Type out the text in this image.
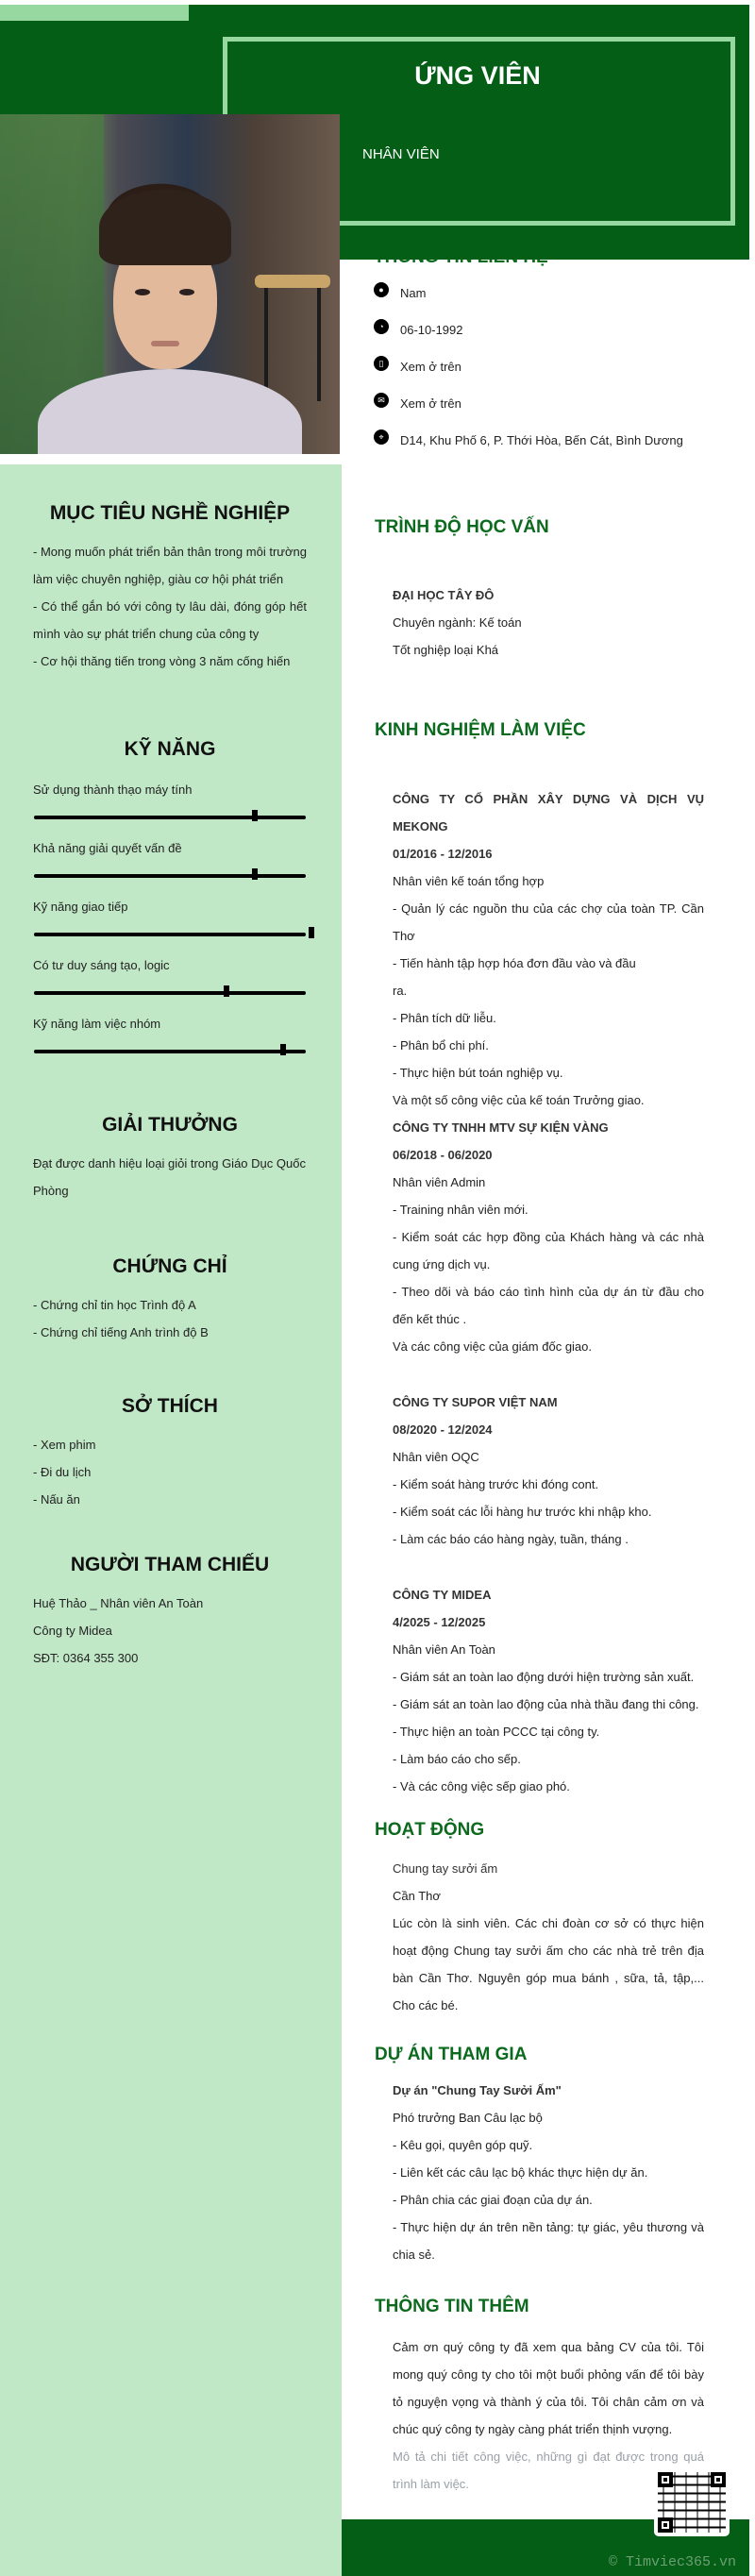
ỨNG VIÊN
NHÂN VIÊN
●	Nam
◔	06-10-1992
▯	Xem ở trên
✉	Xem ở trên
⌖	D14, Khu Phố 6, P. Thới Hòa, Bến Cát, Bình Dương
MỤC TIÊU NGHỀ NGHIỆP
- Mong muốn phát triển bản thân trong môi trường làm việc chuyên nghiệp, giàu cơ hội phát triển
- Có thể gắn bó với công ty lâu dài, đóng góp hết mình vào sự phát triển chung của công ty
- Cơ hội thăng tiến trong vòng 3 năm cống hiến
KỸ NĂNG
Sử dụng thành thạo máy tính
Khả năng giải quyết vấn đề
Kỹ năng giao tiếp
Có tư duy sáng tạo, logic
Kỹ năng làm việc nhóm
GIẢI THƯỞNG
Đạt được danh hiệu loại giỏi trong Giáo Dục Quốc Phòng
CHỨNG CHỈ
- Chứng chỉ tin học Trình độ A
- Chứng chỉ tiếng Anh trình độ B
SỞ THÍCH
- Xem phim
- Đi du lịch
- Nấu ăn
NGƯỜI THAM CHIẾU
Huệ Thảo _ Nhân viên An Toàn
Công ty Midea
SĐT: 0364 355 300
TRÌNH ĐỘ HỌC VẤN
ĐẠI HỌC TÂY ĐÔ
Chuyên ngành: Kế toán
Tốt nghiệp loại Khá
KINH NGHIỆM LÀM VIỆC
CÔNG TY CỔ PHẦN XÂY DỰNG VÀ DỊCH VỤ MEKONG
01/2016 - 12/2016
Nhân viên kế toán tổng hợp
- Quản lý các nguồn thu của các chợ của toàn TP. Cần Thơ
- Tiến hành tập hợp hóa đơn đầu vào và đầu
ra.
- Phân tích dữ liễu.
- Phân bổ chi phí.
- Thực hiện bút toán nghiệp vụ.
Và một số công việc của kế toán Trưởng giao.
CÔNG TY TNHH MTV SỰ KIỆN VÀNG
06/2018 - 06/2020
Nhân viên Admin
- Training nhân viên mới.
- Kiểm soát các hợp đồng của Khách hàng và các nhà cung ứng dịch vụ.
- Theo dõi và báo cáo tình hình của dự án từ đầu cho đến kết thúc .
Và các công việc của giám đốc giao.
CÔNG TY SUPOR VIỆT NAM
08/2020 - 12/2024
Nhân viên OQC
- Kiểm soát hàng trước khi đóng cont.
- Kiểm soát các lỗi hàng hư trước khi nhập kho.
- Làm các báo cáo hàng ngày, tuần, tháng .
CÔNG TY MIDEA
4/2025 - 12/2025
Nhân viên An Toàn
- Giám sát an toàn lao động dưới hiện trường sản xuất.
- Giám sát an toàn lao động của nhà thầu đang thi công.
- Thực hiện an toàn PCCC tại công ty.
- Làm báo cáo cho sếp.
- Và các công việc sếp giao phó.
HOẠT ĐỘNG
Chung tay sưởi ấm
Cần Thơ
Lúc còn là sinh viên. Các chi đoàn cơ sở có thực hiện hoạt động Chung tay sưởi ấm cho các nhà trẻ trên địa bàn Cần Thơ. Nguyên góp mua bánh , sữa, tả, tập,... Cho các bé.
DỰ ÁN THAM GIA
Dự án "Chung Tay Sưởi Ấm"
Phó trưởng Ban Câu lạc bộ
- Kêu gọi, quyên góp quỹ.
- Liên kết các câu lạc bộ khác thực hiện dự ăn.
- Phân chia các giai đoạn của dự án.
- Thực hiện dự án trên nền tảng: tự giác, yêu thương và chia sẻ.
THÔNG TIN THÊM
Cảm ơn quý công ty đã xem qua bảng CV của tôi. Tôi mong quý công ty cho tôi một buổi phỏng vấn để tôi bày tỏ nguyện vọng và thành ý của tôi. Tôi chân cảm ơn và chúc quý công ty ngày càng phát triển thịnh vượng.
Mô tả chi tiết công việc, những gì đạt được trong quá trình làm việc.
© Timviec365.vn
